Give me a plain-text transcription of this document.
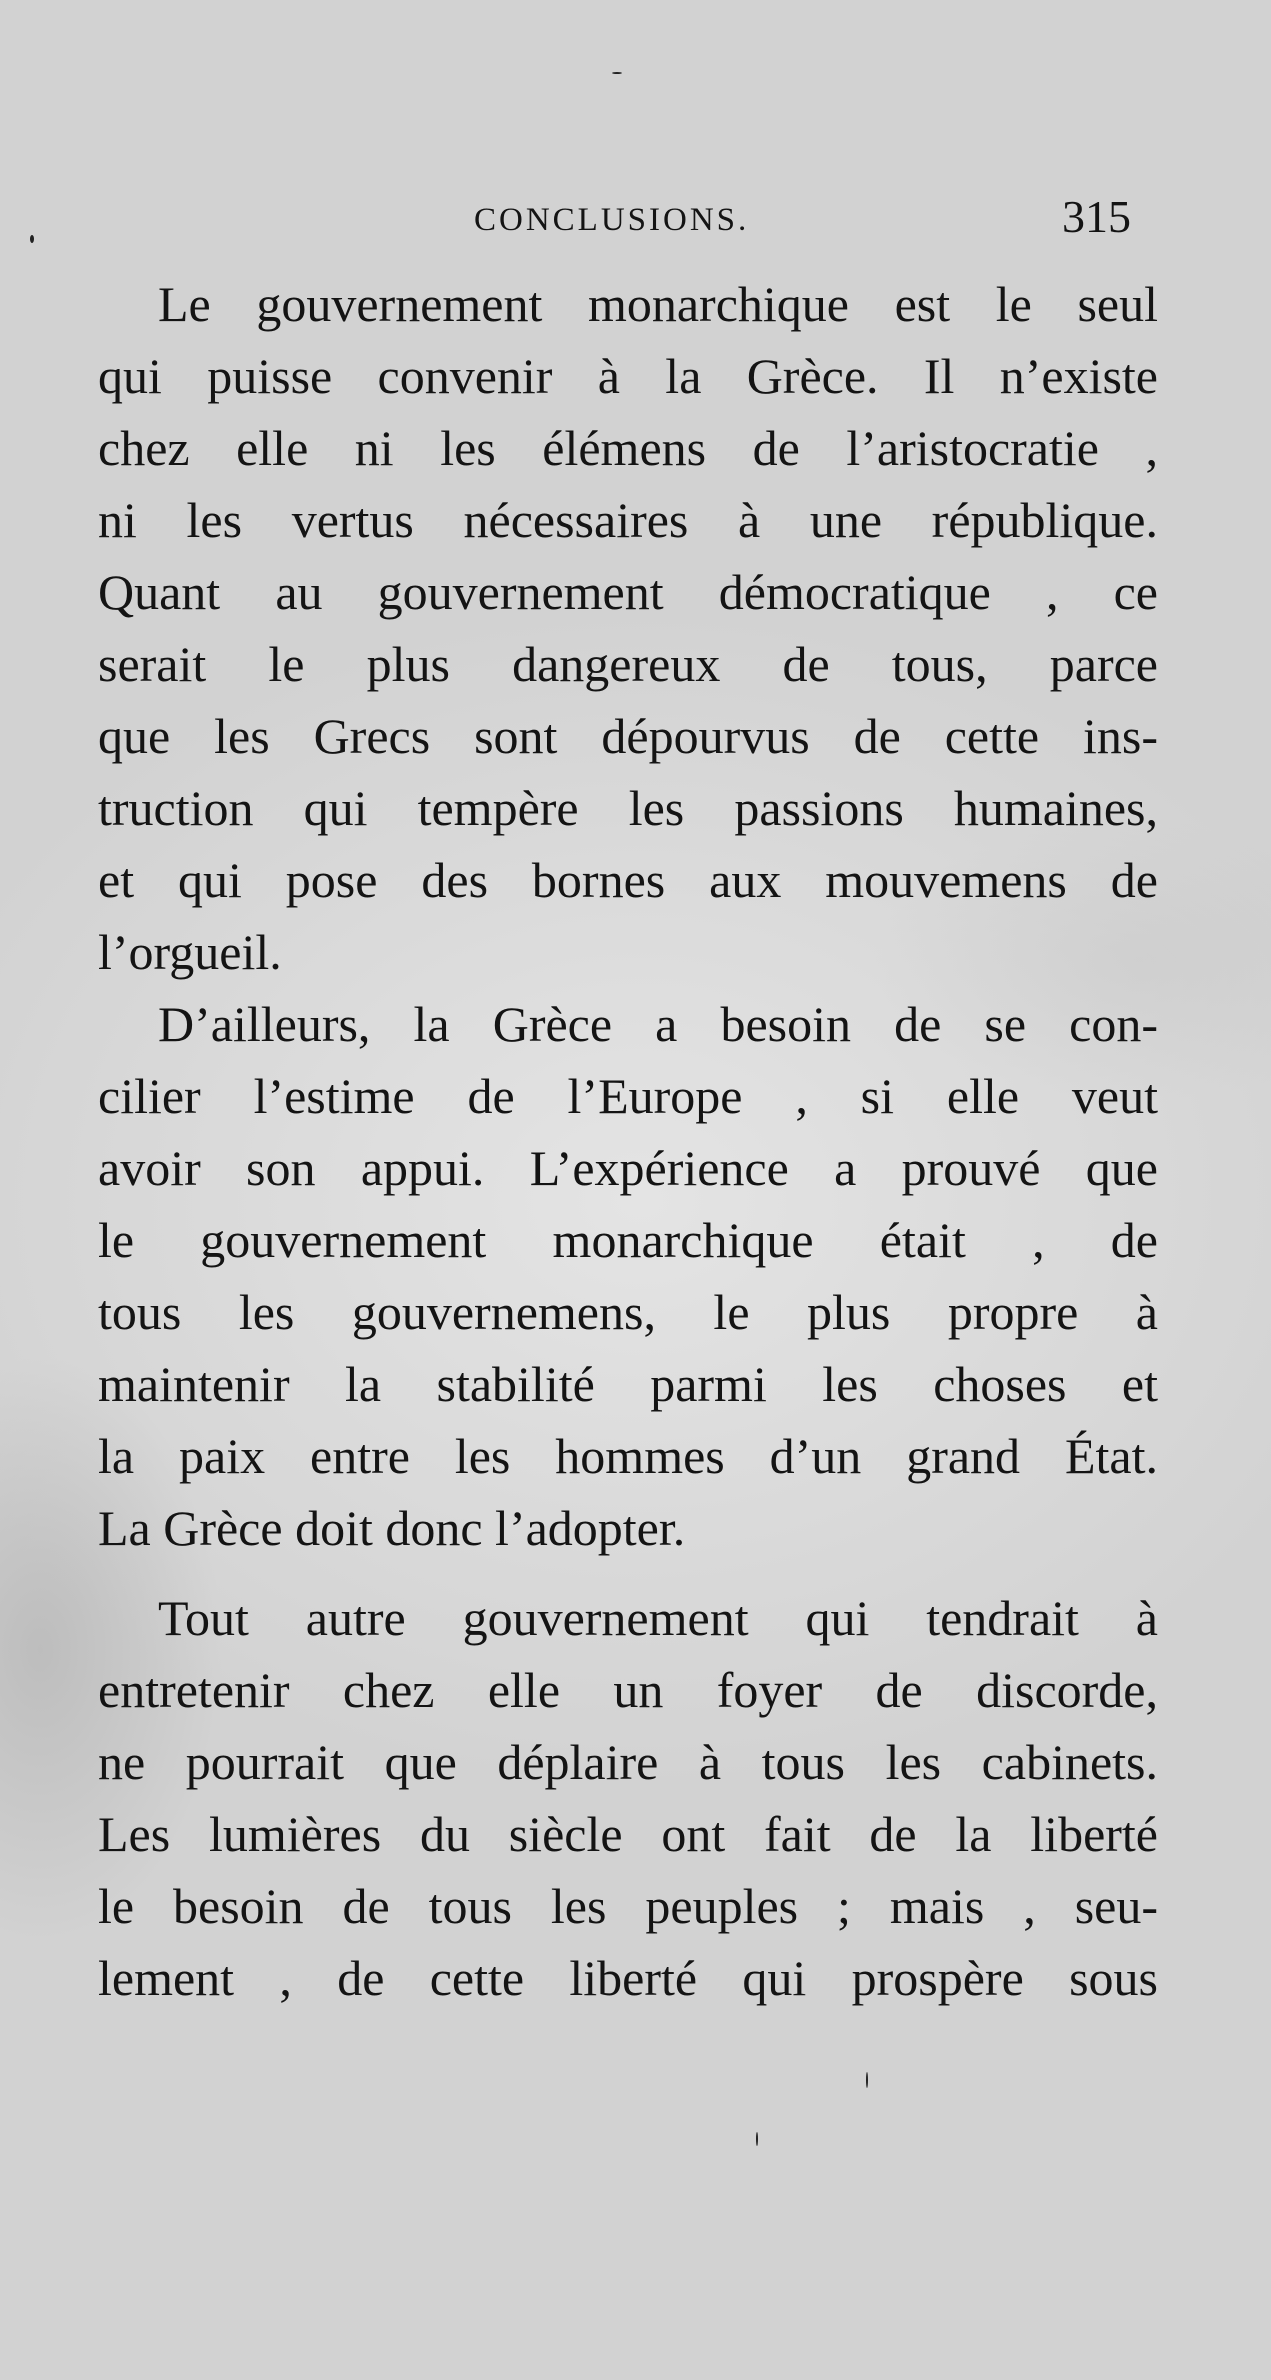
CONCLUSIONS.	315
Le gouvernement monarchique est le seul
qui puisse convenir à la Grèce. Il n’existe
chez elle ni les élémens de l’aristocratie ,
ni les vertus nécessaires à une république.
Quant au gouvernement démocratique , ce
serait le plus dangereux de tous, parce
que les Grecs sont dépourvus de cette ins-
truction qui tempère les passions humaines,
et qui pose des bornes aux mouvemens de
l’orgueil.
D’ailleurs, la Grèce a besoin de se con-
cilier l’estime de l’Europe , si elle veut
avoir son appui. L’expérience a prouvé que
le gouvernement monarchique était , de
tous les gouvernemens, le plus propre à
maintenir la stabilité parmi les choses et
la paix entre les hommes d’un grand État.
La Grèce doit donc l’adopter.
Tout autre gouvernement qui tendrait à
entretenir chez elle un foyer de discorde,
ne pourrait que déplaire à tous les cabinets.
Les lumières du siècle ont fait de la liberté
le besoin de tous les peuples ; mais , seu-
lement , de cette liberté qui prospère sous
